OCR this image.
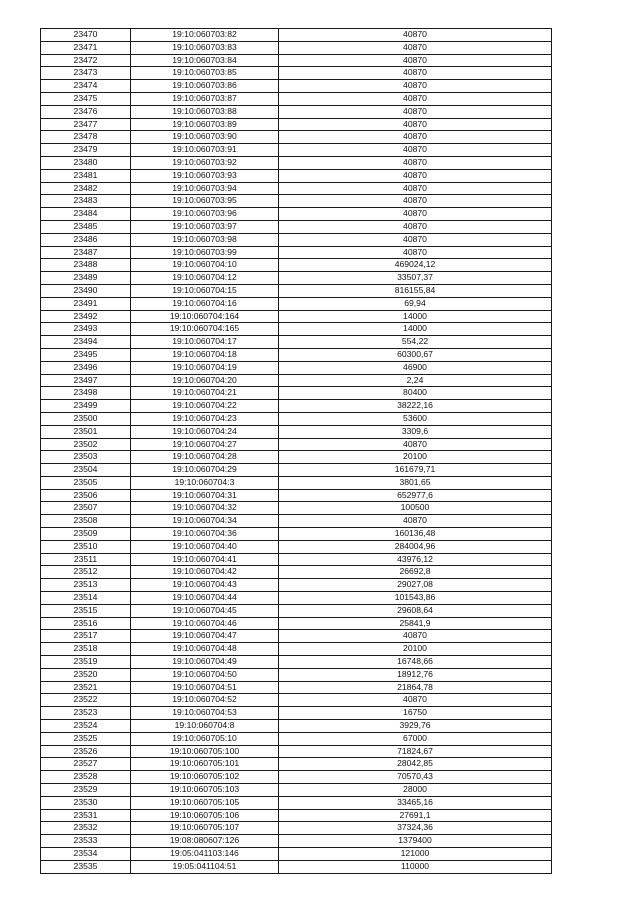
23470	19:10:060703:82	40870
23471	19:10:060703:83	40870
23472	19:10:060703:84	40870
23473	19:10:060703:85	40870
23474	19:10:060703:86	40870
23475	19:10:060703:87	40870
23476	19:10:060703:88	40870
23477	19:10:060703:89	40870
23478	19:10:060703:90	40870
23479	19:10:060703:91	40870
23480	19:10:060703:92	40870
23481	19:10:060703:93	40870
23482	19:10:060703:94	40870
23483	19:10:060703:95	40870
23484	19:10:060703:96	40870
23485	19:10:060703:97	40870
23486	19:10:060703:98	40870
23487	19:10:060703:99	40870
23488	19:10:060704:10	469024,12
23489	19:10:060704:12	33507,37
23490	19:10:060704:15	816155,84
23491	19:10:060704:16	69,94
23492	19:10:060704:164	14000
23493	19:10:060704:165	14000
23494	19:10:060704:17	554,22
23495	19:10:060704:18	60300,67
23496	19:10:060704:19	46900
23497	19:10:060704:20	2,24
23498	19:10:060704:21	80400
23499	19:10:060704:22	38222,16
23500	19:10:060704:23	53600
23501	19:10:060704:24	3309,6
23502	19:10:060704:27	40870
23503	19:10:060704:28	20100
23504	19:10:060704:29	161679,71
23505	19:10:060704:3	3801,65
23506	19:10:060704:31	652977,6
23507	19:10:060704:32	100500
23508	19:10:060704:34	40870
23509	19:10:060704:36	160136,48
23510	19:10:060704:40	284004,96
23511	19:10:060704:41	43976,12
23512	19:10:060704:42	26692,8
23513	19:10:060704:43	29027,08
23514	19:10:060704:44	101543,86
23515	19:10:060704:45	29608,64
23516	19:10:060704:46	25841,9
23517	19:10:060704:47	40870
23518	19:10:060704:48	20100
23519	19:10:060704:49	16748,66
23520	19:10:060704:50	18912,76
23521	19:10:060704:51	21864,78
23522	19:10:060704:52	40870
23523	19:10:060704:53	16750
23524	19:10:060704:8	3929,76
23525	19:10:060705:10	67000
23526	19:10:060705:100	71824,67
23527	19:10:060705:101	28042,85
23528	19:10:060705:102	70570,43
23529	19:10:060705:103	28000
23530	19:10:060705:105	33465,16
23531	19:10:060705:106	27691,1
23532	19:10:060705:107	37324,36
23533	19:08:080607:126	1379400
23534	19:05:041103:146	121000
23535	19:05:041104:51	110000
